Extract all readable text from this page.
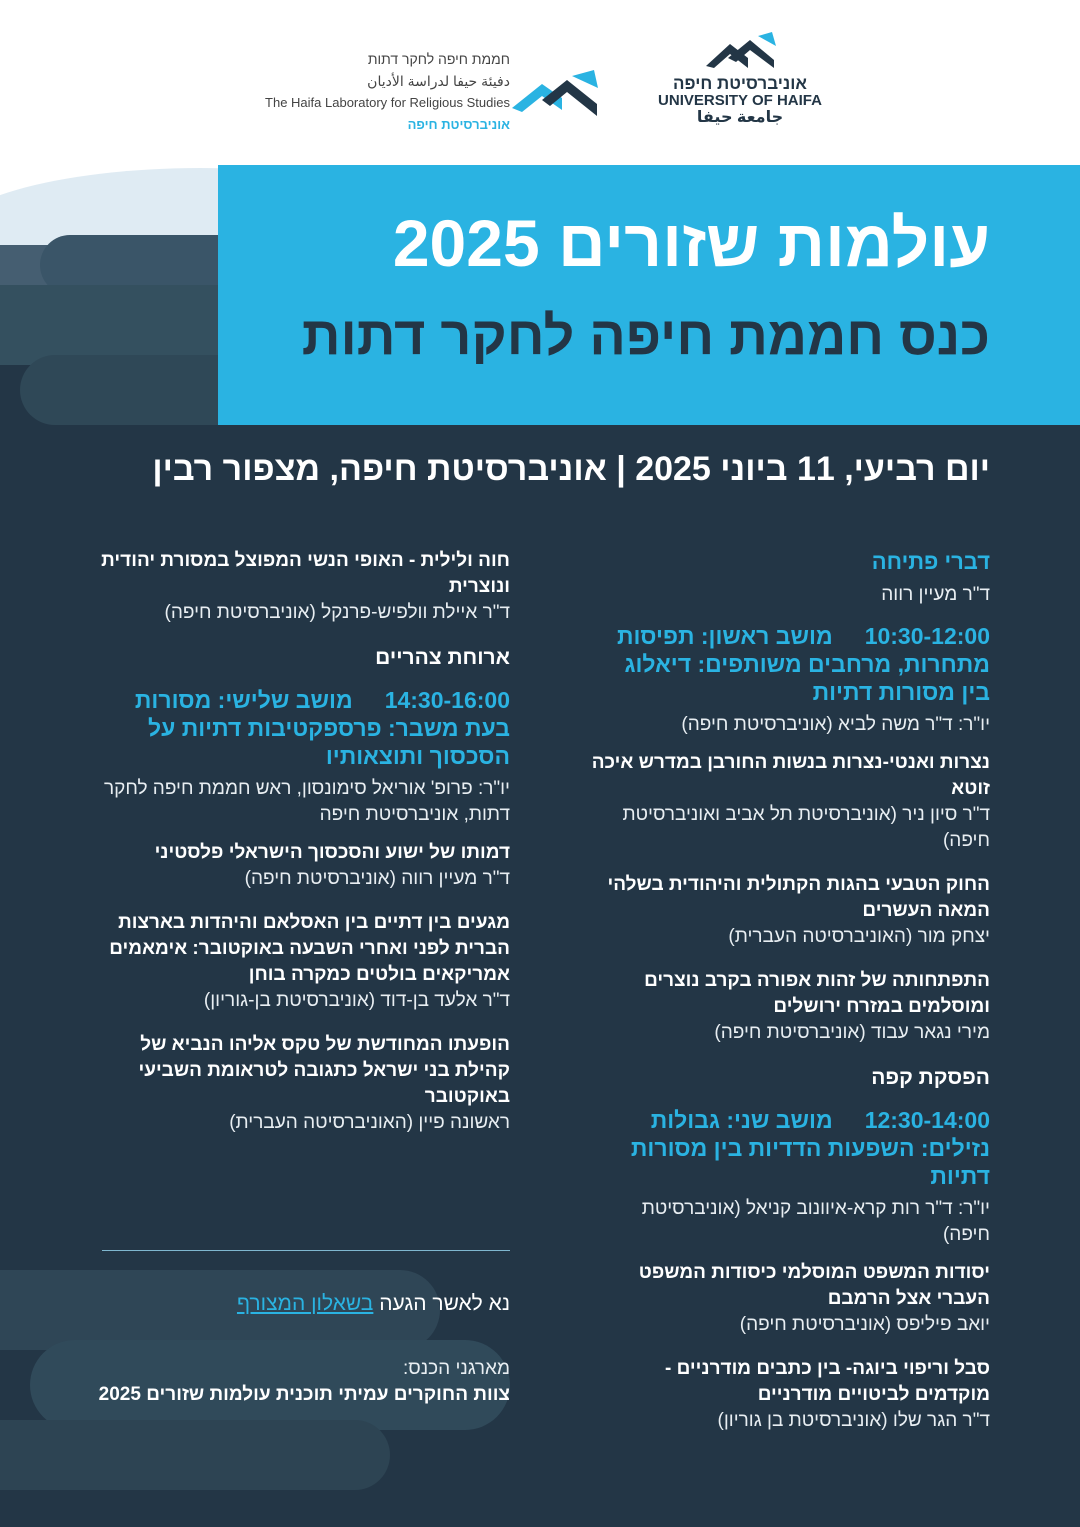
חממת חיפה לחקר דתות
دفيئة حيفا لدراسة الأديان
The Haifa Laboratory for Religious Studies
אוניברסיטת חיפה
אוניברסיטת חיפה
UNIVERSITY OF HAIFA
جامعة حيفا
עולמות שזורים 2025
כנס חממת חיפה לחקר דתות
יום רביעי, 11 ביוני 2025 | אוניברסיטת חיפה, מצפור רבין
דברי פתיחה
ד"ר מעיין רווה
10:30-12:00מושב ראשון: תפיסות מתחרות, מרחבים משותפים: דיאלוג בין מסורות דתיות
יו"ר: ד"ר משה לביא (אוניברסיטת חיפה)
נצרות ואנטי-נצרות בנשות החורבן במדרש איכה זוטא
ד"ר סיון ניר (אוניברסיטת תל אביב ואוניברסיטת חיפה)
החוק הטבעי בהגות הקתולית והיהודית בשלהי המאה העשרים
יצחק מור (האוניברסיטה העברית)
התפתחותה של זהות אפורה בקרב נוצרים ומוסלמים במזרח ירושלים
מירי נגאר עבוד (אוניברסיטת חיפה)
הפסקת קפה
12:30-14:00מושב שני: גבולות נזילים: השפעות הדדיות בין מסורות דתיות
יו"ר: ד"ר רות קרא-איוונוב קניאל (אוניברסיטת חיפה)
יסודות המשפט המוסלמי כיסודות המשפט העברי אצל הרמבם
יואב פיליפס (אוניברסיטת חיפה)
סבל וריפוי ביוגה- בין כתבים מודרניים - מוקדמים לביטויים מודרניים
ד"ר הגר שלו (אוניברסיטת בן גוריון)
חוה ולילית - האופי הנשי המפוצל במסורת יהודית ונוצרית
ד"ר איילת וולפיש-פרנקל (אוניברסיטת חיפה)
ארוחת צהריים
14:30-16:00מושב שלישי: מסורות בעת משבר: פרספקטיבות דתיות על הסכסוך ותוצאותיו
יו"ר: פרופ' אוריאל סימונסון, ראש חממת חיפה לחקר דתות, אוניברסיטת חיפה
דמותו של ישוע והסכסוך הישראלי פלסטיני
ד"ר מעיין רווה (אוניברסיטת חיפה)
מגעים בין דתיים בין האסלאם והיהדות בארצות הברית לפני ואחרי השבעה באוקטובר: אימאמים אמריקאים בולטים כמקרה בוחן
ד"ר אלעד בן-דוד (אוניברסיטת בן-גוריון)
הופעתו המחודשת של טקס אליהו הנביא של קהילת בני ישראל כתגובה לטראומת השביעי באוקטובר
ראשונה פיין (האוניברסיטה העברית)
נא לאשר הגעה בשאלון המצורף
מארגני הכנס:
צוות החוקרים עמיתי תוכנית עולמות שזורים 2025
